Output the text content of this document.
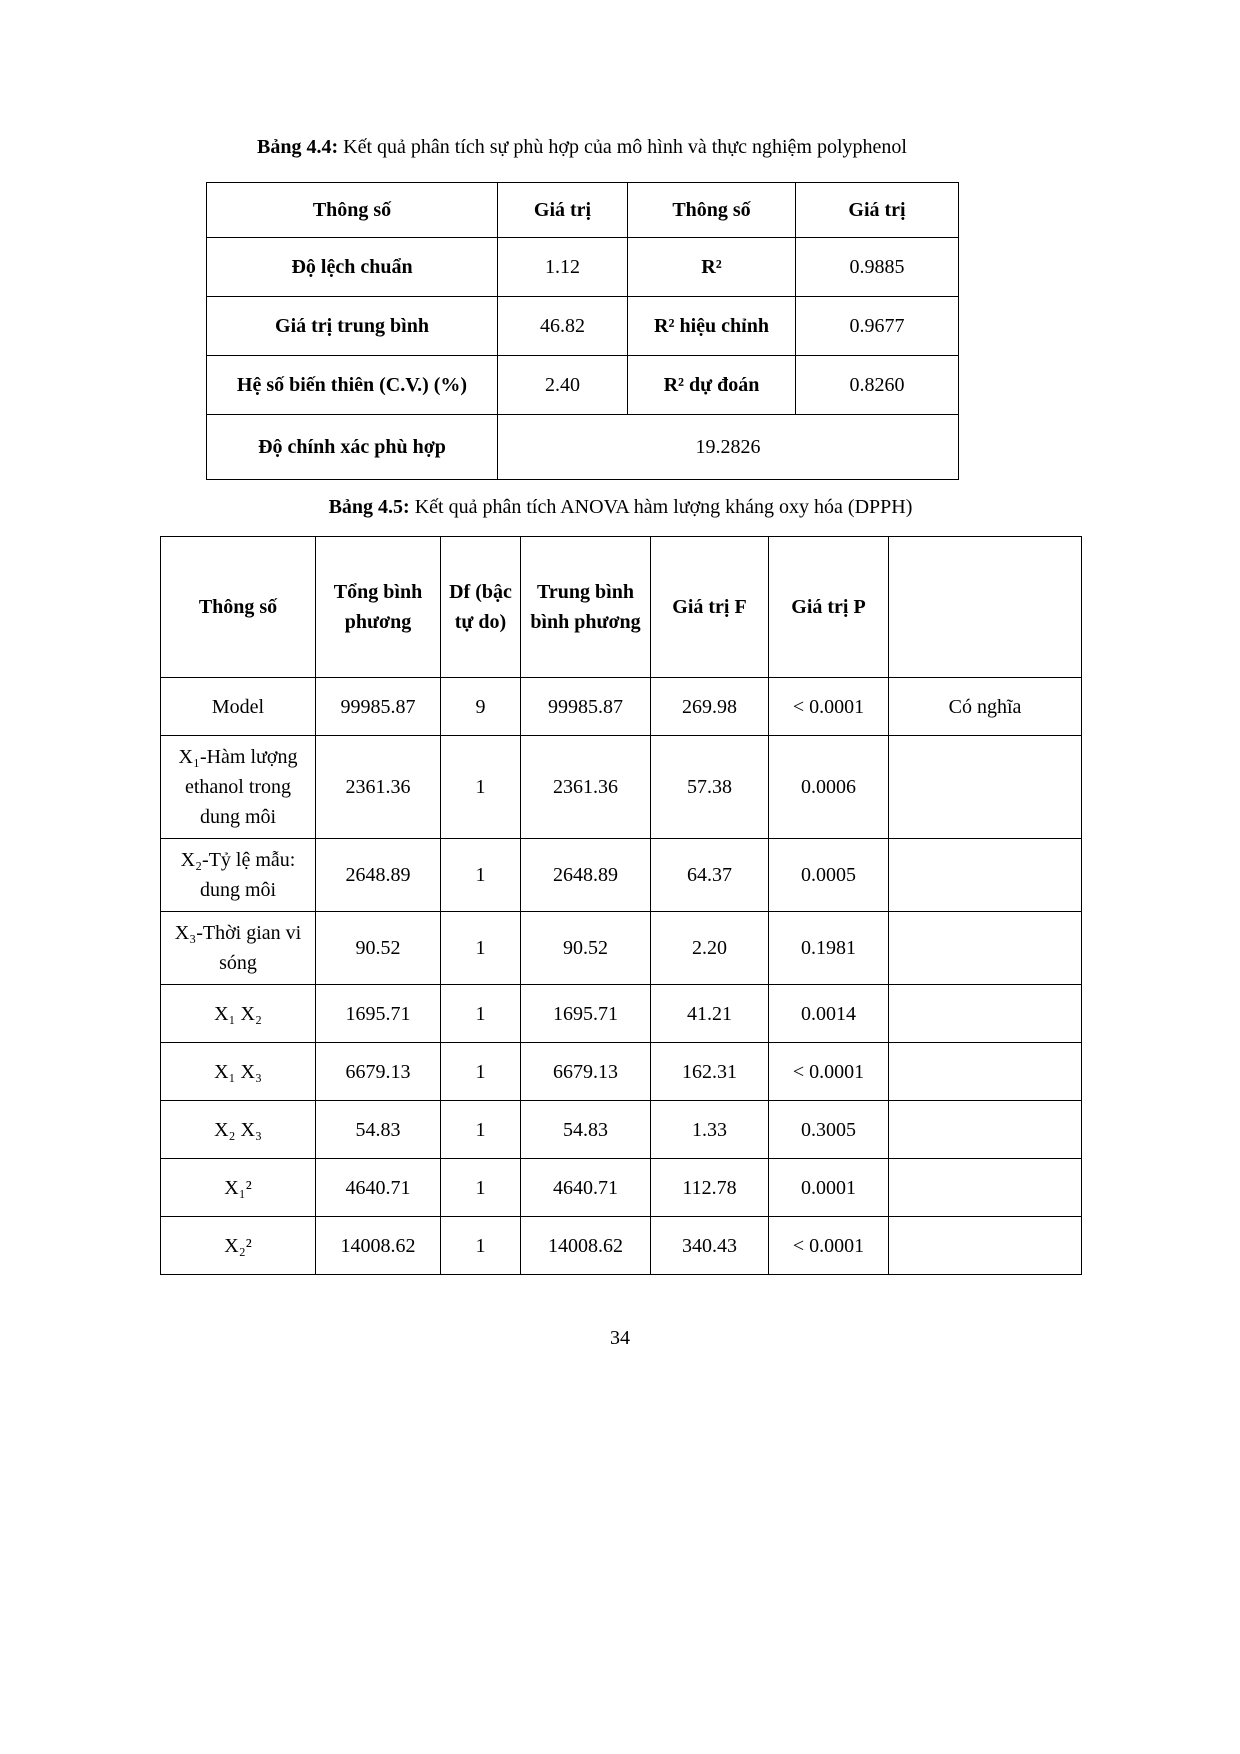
Bảng 4.4: Kết quả phân tích sự phù hợp của mô hình và thực nghiệm polyphenol
Thông số	Giá trị	Thông số	Giá trị
Độ lệch chuẩn	1.12	R²	0.9885
Giá trị trung bình	46.82	R² hiệu chỉnh	0.9677
Hệ số biến thiên (C.V.) (%)	2.40	R² dự đoán	0.8260
Độ chính xác phù hợp	19.2826		
Bảng 4.5: Kết quả phân tích ANOVA hàm lượng kháng oxy hóa (DPPH)
Thông số	Tổng bình phương	Df (bậc tự do)	Trung bình bình phương	Giá trị F	Giá trị P	
Model	99985.87	9	99985.87	269.98	< 0.0001	Có nghĩa
X₁-Hàm lượng ethanol trong dung môi	2361.36	1	2361.36	57.38	0.0006	
X₂-Tỷ lệ mẫu: dung môi	2648.89	1	2648.89	64.37	0.0005	
X₃-Thời gian vi sóng	90.52	1	90.52	2.20	0.1981	
X₁ X₂	1695.71	1	1695.71	41.21	0.0014	
X₁ X₃	6679.13	1	6679.13	162.31	< 0.0001	
X₂ X₃	54.83	1	54.83	1.33	0.3005	
X₁²	4640.71	1	4640.71	112.78	0.0001	
X₂²	14008.62	1	14008.62	340.43	< 0.0001	
34
